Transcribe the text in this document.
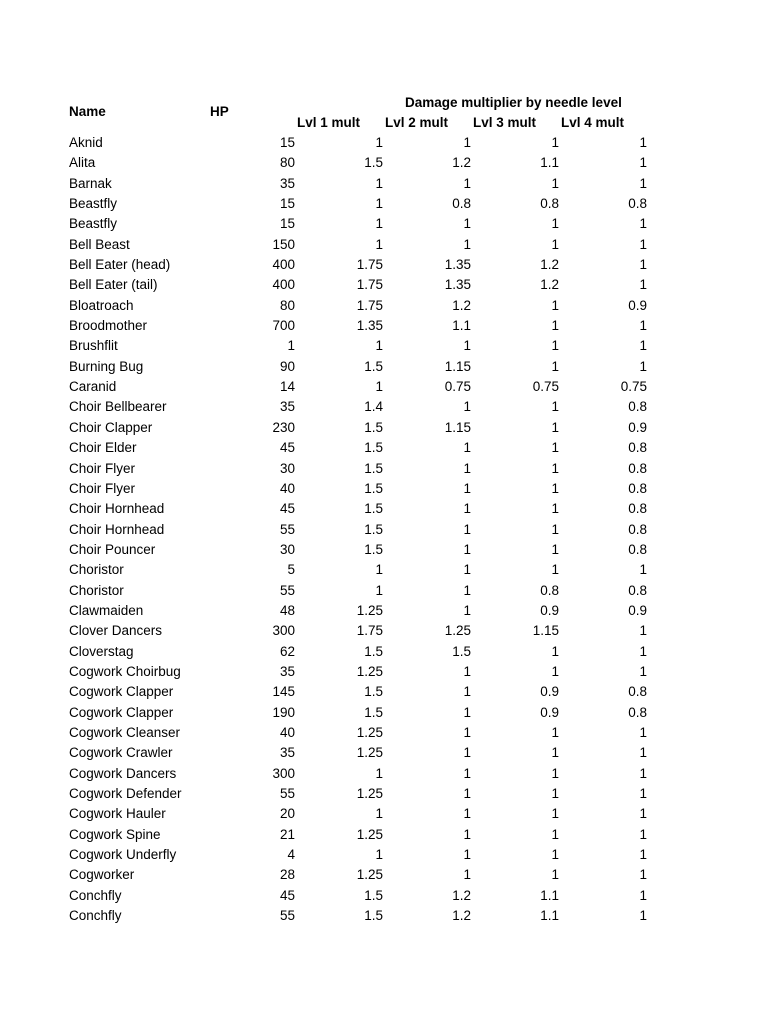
Damage multiplier by needle level
Name	HP
Lvl 1 mult Lvl 2 mult Lvl 3 mult Lvl 4 mult
Aknid	15	1	1	1	1
Alita	80	1.5	1.2	1.1	1
Barnak	35	1	1	1	1
Beastfly	15	1	0.8	0.8	0.8
Beastfly	15	1	1	1	1
Bell Beast	150	1	1	1	1
Bell Eater (head)	400	1.75	1.35	1.2	1
Bell Eater (tail)	400	1.75	1.35	1.2	1
Bloatroach	80	1.75	1.2	1	0.9
Broodmother	700	1.35	1.1	1	1
Brushflit	1	1	1	1	1
Burning Bug	90	1.5	1.15	1	1
Caranid	14	1	0.75	0.75	0.75
Choir Bellbearer	35	1.4	1	1	0.8
Choir Clapper	230	1.5	1.15	1	0.9
Choir Elder	45	1.5	1	1	0.8
Choir Flyer	30	1.5	1	1	0.8
Choir Flyer	40	1.5	1	1	0.8
Choir Hornhead	45	1.5	1	1	0.8
Choir Hornhead	55	1.5	1	1	0.8
Choir Pouncer	30	1.5	1	1	0.8
Choristor	5	1	1	1	1
Choristor	55	1	1	0.8	0.8
Clawmaiden	48	1.25	1	0.9	0.9
Clover Dancers	300	1.75	1.25	1.15	1
Cloverstag	62	1.5	1.5	1	1
Cogwork Choirbug	35	1.25	1	1	1
Cogwork Clapper	145	1.5	1	0.9	0.8
Cogwork Clapper	190	1.5	1	0.9	0.8
Cogwork Cleanser	40	1.25	1	1	1
Cogwork Crawler	35	1.25	1	1	1
Cogwork Dancers	300	1	1	1	1
Cogwork Defender	55	1.25	1	1	1
Cogwork Hauler	20	1	1	1	1
Cogwork Spine	21	1.25	1	1	1
Cogwork Underfly	4	1	1	1	1
Cogworker	28	1.25	1	1	1
Conchfly	45	1.5	1.2	1.1	1
Conchfly	55	1.5	1.2	1.1	1
